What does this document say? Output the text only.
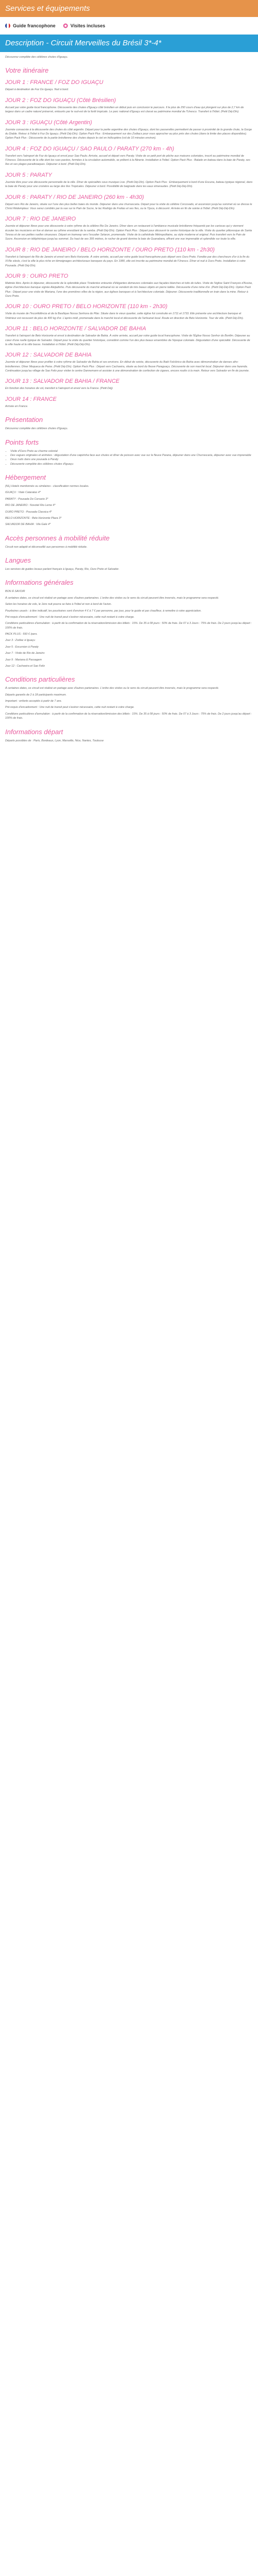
Services et équipements
Guide francophone	Visites incluses
Description - Circuit Merveilles du Brésil 3*-4*

Découvrez complète des célèbres chutes d'Iguaçu.

Votre itinéraire
JOUR 1 : FRANCE / FOZ DO IGUAÇU

Départ à destination de Foz Do Iguaçu. Nuit à bord.

JOUR 2 : FOZ DO IGUAÇU (Côté Brésilien)

Accueil par votre guide local francophone. Découverte des chutes d'Iguaçu côté brésilien en début puis en conclusion le parcours. Il le plus de 250 cours d'eau qui plongent sur plus de 2,7 km de largeur dans un cadre naturel préservé, entourés par le sud-est de la forêt tropicale. Le parc national d'Iguaçu est classé au patrimoine mondial de l'Unesco. Transfert à l'hôtel. (Petit Déj-Dîn).

JOUR 3 : IGUAÇU (Côté Argentin)

Journée consacrée à la découverte des chutes du côté argentin. Départ pour la partie argentine des chutes d'Iguaçu, dont les passerelles permettent de passer à proximité de la grande chute, la Gorge du Diable. Retour à l'hôtel à Foz Do Iguaçu. (Petit Déj-Dîn). Option Pack Plus : Embarquement sur des Zodiacs pour vous approcher au plus près des chutes (dans la limite des places disponibles). Option Pack Plus : Découverte de la partie brésilienne des chutes depuis le ciel en hélicoptère (vol de 10 minutes environ).

JOUR 4 : FOZ DO IGUAÇU / SAO PAULO / PARATY (270 km - 4h)

Transfert vers l'aéroport de Foz do Iguaçu et envol pour Sao Paulo. Arrivée, accueil et départ vers Paraty. Visite de ce petit port de pêche aux maisons coloniales, inscrit au patrimoine mondial de l'Unesco. Découverte de la ville dont les rues pavées, fermées à la circulation automobile, se prêtent à la flânerie. Installation à l'hôtel. Option Pack Plus : Balade en bateau dans la baie de Paraty, ses îles et ses plages paradisiaques. Déjeuner à bord. (Petit Déj-Dîn).

JOUR 5 : PARATY

Journée libre pour une découverte personnelle de la ville. Dîner de spécialités sous musique Live. (Petit Déj-Dîn). Option Pack Plus : Embarquement à bord d'une Escuna, bateau typique régional, dans la baie de Paraty pour une croisière au large des îles Tropicales. Déjeuner à bord. Possibilité de baignade dans les eaux émeraudes. (Petit Déj-Déj-Dîn).

JOUR 6 : PARATY / RIO DE JANEIRO (260 km - 4h30)

Départ vers Rio de Janeiro, située sur l'une des plus belles baies du monde. Déjeuner dans une churrascaria. Départ pour la visite du célèbre Corcovado, et ascension jusqu'au sommet où se dresse le Christ Rédempteur. Vous serez comblés par la vue sur le Pain de Sucre, le lac Rodrigo de Freitas et ses îles, ou la Tijuca, à découvrir. Arrivée en fin de soirée à l'hôtel. (Petit Déj-Déj-Dîn).

JOUR 7 : RIO DE JANEIRO

Journée et déjeuner libres pour une découverte à votre rythme de la célèbre Rio De Janeiro. Dîner dans un restaurant à l'ambiance musicale brésilienne fréquenté par les cariocas qui y viennent écouter les musiciens en live et danser au rythme envoûtant de la samba. (Petit Déj-Dîn). Option Pack Plus : Départ pour découvrir le centre historique de la ville. Visite du quartier pittoresque de Santa Teresa et de ses petites ruelles sinueuses. Départ en tramway vers l'escalier Selaron, promenade. Visite de la cathédrale Métropolitaine, au style moderne et original. Puis transfert vers le Pain de Sucre. Ascension en téléphérique jusqu'au sommet. Du haut de ses 395 mètres, le rocher de granit domine la baie de Guanabara, offrant une vue imprenable et splendide sur toute la ville.

JOUR 8 : RIO DE JANEIRO / BELO HORIZONTE / OURO PRETO (110 km - 2h30)

Transfert à l'aéroport de Rio de Janeiro et envol vers Belo Horizonte. À votre arrivée, accueil par votre guide local francophone puis départ vers Ouro Preto. Fondée par des chercheurs d'or à la fin du XVIIe siècle, c'est la ville la plus riche en témoignages architecturaux baroques du pays. En 1980, elle est inscrite au patrimoine mondial de l'Unesco. Dîner et nuit à Ouro Preto. Installation à votre Pousada. (Petit Déj-Dîn).

JOUR 9 : OURO PRETO

Matinée libre. Après le déjeuner, découverte de la splendide place Tiradentes entourée d'élégantes demeures coloniales aux façades blanches et toits de tuiles. Visite de l'église Saint François d'Assise, église d'architecture baroque signée Aleijadinho. Puis découverte du marché artisanal où se vendent de très beaux objets en pierre taillée. Découverte d'une mine d'or. (Petit Déj-Déj-Dîn). Option Pack Plus : Départ pour une visite de Mariana, l'une des premières villes de la région, aux églises baroques et à l'architecture coloniale. Déjeuner. Découverte traditionnelle en train dans la mine. Retour à Ouro Preto.

JOUR 10 : OURO PRETO / BELO HORIZONTE (110 km - 2h30)

Visite du musée de l'Inconfidência et de la Basilique Nossa Senhora do Pilar. Située dans le vieux quartier, cette église fut construite en 1711 et 1733. Elle présente une architecture baroque et l'intérieur est recouvert de plus de 400 kg d'or. L'après-midi, promenade dans le marché local et découverte de l'artisanat local. Route en direction de Belo Horizonte. Tour de ville. (Petit Déj-Dîn).

JOUR 11 : BELO HORIZONTE / SALVADOR DE BAHIA

Transfert à l'aéroport de Belo Horizonte et envol à destination de Salvador de Bahia. À votre arrivée, accueil par votre guide local francophone. Visite de l'Église Nosso Senhor do Bonfim. Déjeuner au cœur d'une ruelle typique de Salvador. Départ pour la visite du quartier historique, considéré comme l'un des plus beaux ensembles de l'époque coloniale. Dégustation d'une spécialité. Découverte de la ville haute et la ville basse. Installation à l'hôtel. (Petit Déj-Déj-Dîn).

JOUR 12 : SALVADOR DE BAHIA

Journée et déjeuner libres pour profiter à votre rythme de Salvador de Bahia et ses environs. En début de soirée, découverte du Balé Folclórico da Bahia avec démonstration de danses afro-brésiliennes. Dîner Moqueca de Peixe. (Petit Déj-Dîn). Option Pack Plus : Départ vers Cachoeira, située au bord du fleuve Paraguaçu. Découverte de son marché local. Déjeuner dans une fazenda. Continuation jusqu'au village de Sao Felix pour visiter le centre Dannemann et assister à une démonstration de confection de cigares, encore roulés à la main. Retour vers Salvador en fin de journée.

JOUR 13 : SALVADOR DE BAHIA / FRANCE

En fonction des horaires de vol, transfert à l'aéroport et envol vers la France. (Petit Déj).

JOUR 14 : FRANCE

Arrivée en France.

Présentation

Découvrez complète des célèbres chutes d'Iguaçu.

Points forts
• Visite d'Ouro Preto au charme colonial
• Des vagues originales et animées : dégustation d'une caipirinha face aux chutes et dîner de poisson avec vue sur le fleuve Parana, déjeuner dans une Churrascaria, déjeuner avec vue imprenable
• Deux nuits dans une pousada à Paraty
• Découverte complète des célèbres chutes d'Iguaçu
Hébergement

(NL) Hotels mentionnés ou similaires - classification normes locales.

IGUAÇU : Viale Cataratas 4*

PARATY : Pousada Do Corsario 3*

RIO DE JANEIRO : Novotel Rio Leme 4*

OURO PRETO : Pousada Classica 4*

BELO HORIZONTE : Belo Horizonte Plaza 3*

SALVADOR DE BAHIA : Vila Gale 4*

Accès personnes à mobilité réduite

Circuit non adapté et déconseillé aux personnes à mobilité réduite.

Langues

Les services de guides locaux parlant français à Iguaçu, Paraty, Rio, Ouro Preto et Salvador.

Informations générales

BON À SAVOIR

À certaines dates, ce circuit est réalisé en partage avec d'autres partenaires. L'ordre des visites ou le sens du circuit peuvent être inversés, mais le programme sera respecté.

Selon les horaires de vols, le 1ère nuit pourra se faire à l'hôtel et non à bord de l'avion.

Pourboires usuels : à titre indicatif, les pourboires sont d'environ 4 € à 7 € par personne, par jour, pour le guide et par chauffeur, à remettre à votre appréciation.

Pré-requis d'encadrement : Une nuit de transit peut s'avérer nécessaire, cette nuit restant à votre charge.

Conditions particulières d'annulation : à partir de la confirmation de la réservation/émission des billets : 15%. De 35 à 08 jours : 50% de frais. De 07 à 3 Jours : 75% de frais. De 2 jours jusqu'au départ : 100% de frais.

PACK PLUS : 550 € /pers.

Jour 3 : Zodiac à Iguaçu

Jour 5 : Excursion à Paraty

Jour 7 : Visite de Rio de Janeiro

Jour 9 : Mariana & Passagem

Jour 12 : Cachoeira et Sao Felix

Conditions particulières

À certaines dates, ce circuit est réalisé en partage avec d'autres partenaires. L'ordre des visites ou le sens du circuit peuvent être inversés, mais le programme sera respecté.

Départs garantis de 2 à 18 participants maximum.

Important : enfants acceptés à partir de 7 ans.

Pré-requis d'encadrement : Une nuit de transit peut s'avérer nécessaire, cette nuit restant à votre charge.

Conditions particulières d'annulation : à partir de la confirmation de la réservation/émission des billets : 15%. De 35 à 08 jours : 50% de frais. De 07 à 3 Jours : 75% de frais. De 2 jours jusqu'au départ : 100% de frais.

Informations départ

Départs possibles de : Paris, Bordeaux, Lyon, Marseille, Nice, Nantes, Toulouse
